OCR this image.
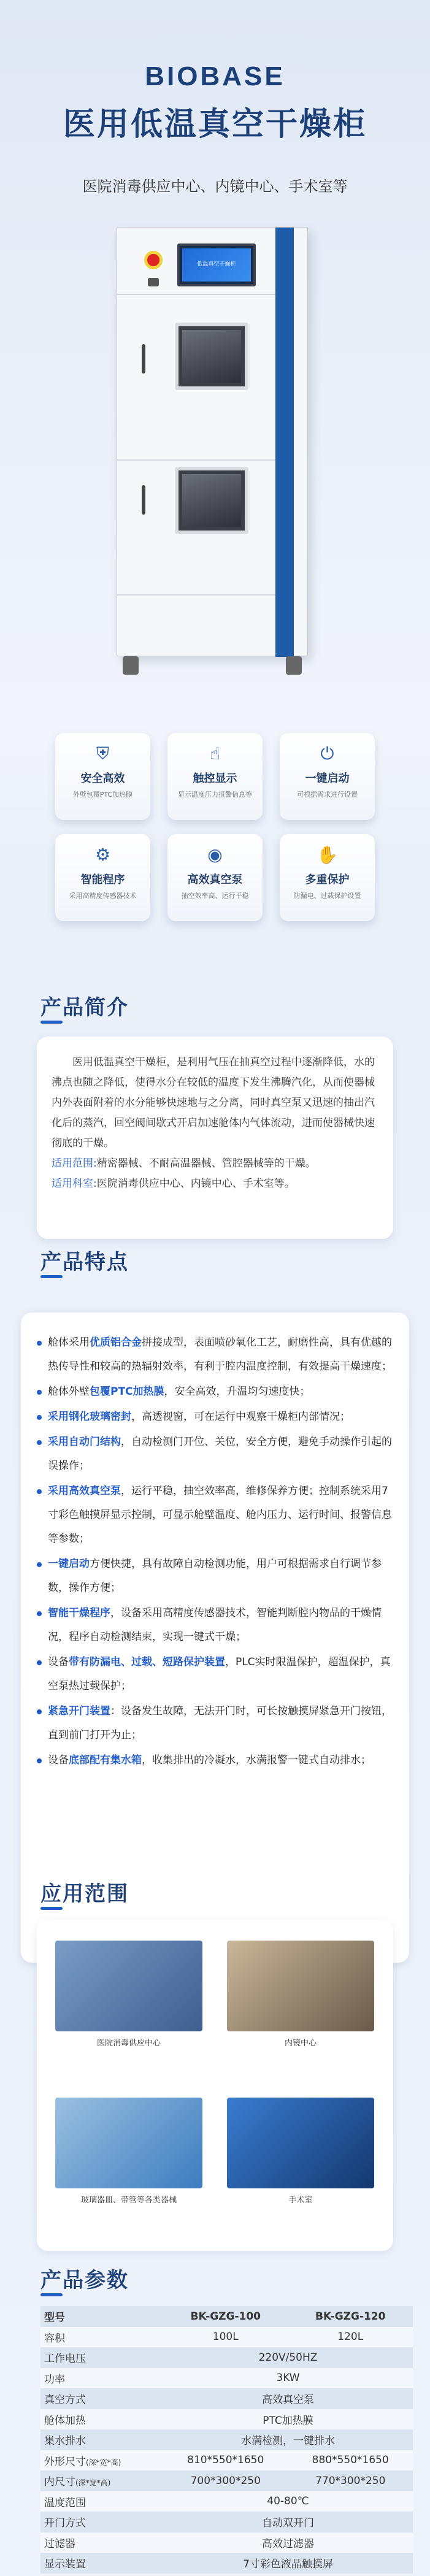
BIOBASE
医用低温真空干燥柜
医院消毒供应中心、内镜中心、手术室等
低温真空干燥柜
⛨
安全高效
外壁包覆PTC加热膜
☝
触控显示
显示温度压力报警信息等
⏻
一键启动
可根据需求进行设置
⚙
智能程序
采用高精度传感器技术
◉
高效真空泵
抽空效率高、运行平稳
✋
多重保护
防漏电、过载保护设置
产品简介

医用低温真空干燥柜，是利用气压在抽真空过程中逐渐降低，水的沸点也随之降低，使得水分在较低的温度下发生沸腾汽化，从而使器械内外表面附着的水分能够快速地与之分离，同时真空泵又迅速的抽出汽化后的蒸汽，回空阀间歇式开启加速舱体内气体流动，进而使器械快速彻底的干燥。

适用范围:精密器械、不耐高温器械、管腔器械等的干燥。
适用科室:医院消毒供应中心、内镜中心、手术室等。
产品特点
舱体采用优质铝合金拼接成型，表面喷砂氧化工艺，耐磨性高，具有优越的热传导性和较高的热辐射效率，有利于腔内温度控制，有效提高干燥速度；
舱体外壁包覆PTC加热膜，安全高效，升温均匀速度快；
采用钢化玻璃密封，高透视窗，可在运行中观察干燥柜内部情况；
采用自动门结构，自动检测门开位、关位，安全方便，避免手动操作引起的误操作；
采用高效真空泵，运行平稳，抽空效率高，维修保养方便；控制系统采用7寸彩色触摸屏显示控制，可显示舱壁温度、舱内压力、运行时间、报警信息等参数；
一键启动方便快捷，具有故障自动检测功能，用户可根据需求自行调节参数，操作方便；
智能干燥程序，设备采用高精度传感器技术，智能判断腔内物品的干燥情况，程序自动检测结束，实现一键式干燥；
设备带有防漏电、过载、短路保护装置，PLC实时限温保护，超温保护，真空泵热过载保护；
紧急开门装置：设备发生故障，无法开门时，可长按触摸屏紧急开门按钮，直到前门打开为止；
设备底部配有集水箱，收集排出的冷凝水，水满报警一键式自动排水；
应用范围
医院消毒供应中心	内镜中心
玻璃器皿、带管等各类器械	手术室
产品参数
型号	BK-GZG-100	BK-GZG-120
容积	100L	120L
工作电压	220V/50HZ	
功率	3KW	
真空方式	高效真空泵	
舱体加热	PTC加热膜	
集水排水	水满检测，一键排水	
外形尺寸(深*宽*高)	810*550*1650	880*550*1650
内尺寸(深*宽*高)	700*300*250	770*300*250
温度范围	40-80℃	
开门方式	自动双开门	
过滤器	高效过滤器	
显示装置	7寸彩色液晶触摸屏	
